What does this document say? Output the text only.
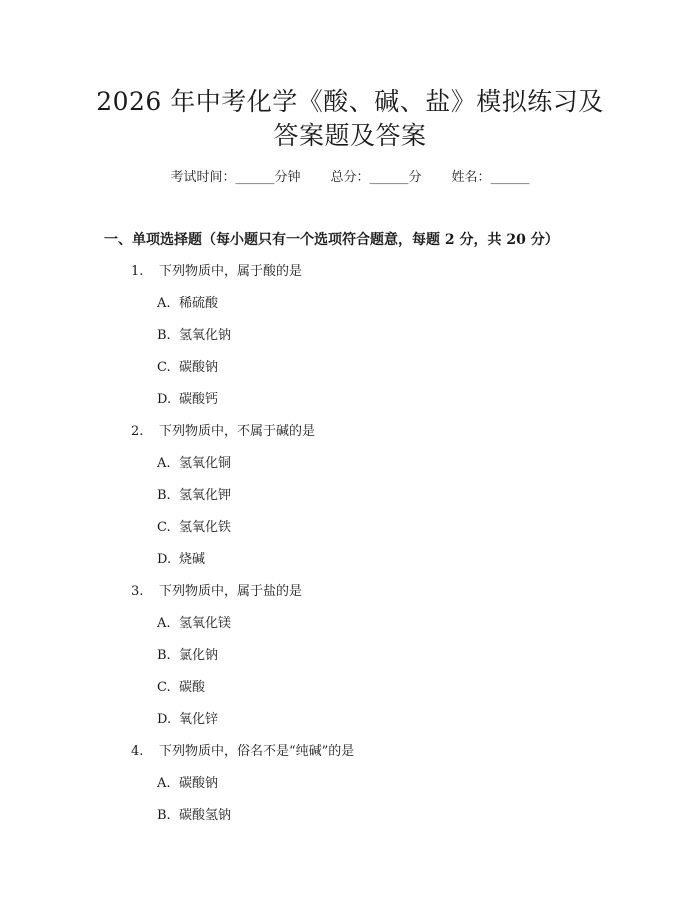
2026 年中考化学《酸、碱、盐》模拟练习及
答案题及答案
考试时间：______分钟 总分：______分 姓名：______
一、单项选择题（每小题只有一个选项符合题意，每题 2 分，共 20 分）
1. 下列物质中，属于酸的是
A. 稀硫酸
B. 氢氧化钠
C. 碳酸钠
D. 碳酸钙
2. 下列物质中，不属于碱的是
A. 氢氧化铜
B. 氢氧化钾
C. 氢氧化铁
D. 烧碱
3. 下列物质中，属于盐的是
A. 氢氧化镁
B. 氯化钠
C. 碳酸
D. 氧化锌
4. 下列物质中，俗名不是“纯碱”的是
A. 碳酸钠
B. 碳酸氢钠
